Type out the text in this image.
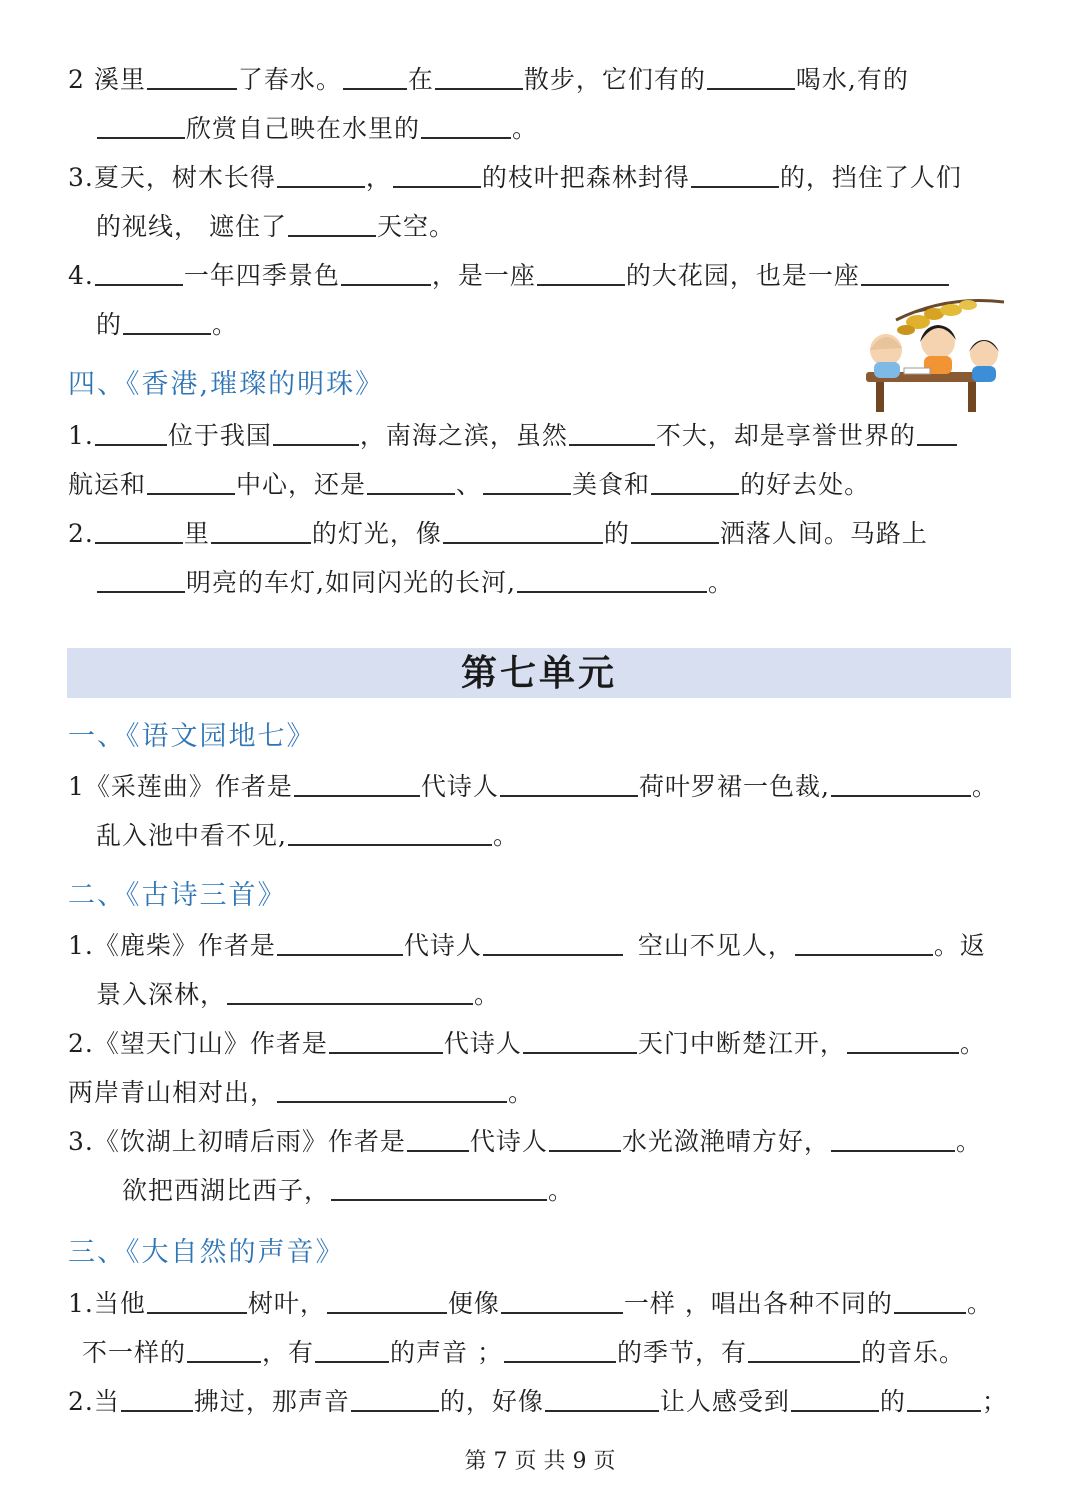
2 溪里	了春水。	在	散步，它们有的	喝水,有的
欣赏自己映在水里的	。
3.夏天，树木长得	，	的枝叶把森林封得	的，挡住了人们
的视线， 遮住了	天空。
4.	一年四季景色	，是一座	的大花园，也是一座
的	。
四、《香港,璀璨的明珠》
1.	位于我国	，南海之滨，虽然	不大，却是享誉世界的
航运和	中心，还是	、	美食和	的好去处。
2.	里	的灯光，像	的	洒落人间。马路上
明亮的车灯,如同闪光的长河,	。
第七单元
一、《语文园地七》
1《采莲曲》作者是	代诗人	荷叶罗裙一色裁,	。
乱入池中看不见,	。
二、《古诗三首》
1.《鹿柴》作者是	代诗人	空山不见人，	。返
景入深林，	。
2.《望天门山》作者是	代诗人	天门中断楚江开，	。
两岸青山相对出，	。
3.《饮湖上初晴后雨》作者是	代诗人	水光潋滟晴方好，	。
欲把西湖比西子，	。
三、《大自然的声音》
1.当他	树叶，	便像	一样 ，唱出各种不同的	。
不一样的	，有	的声音 ；	的季节，有	的音乐。
2.当	拂过，那声音	的，好像	让人感受到	的	；
第 7 页 共 9 页
